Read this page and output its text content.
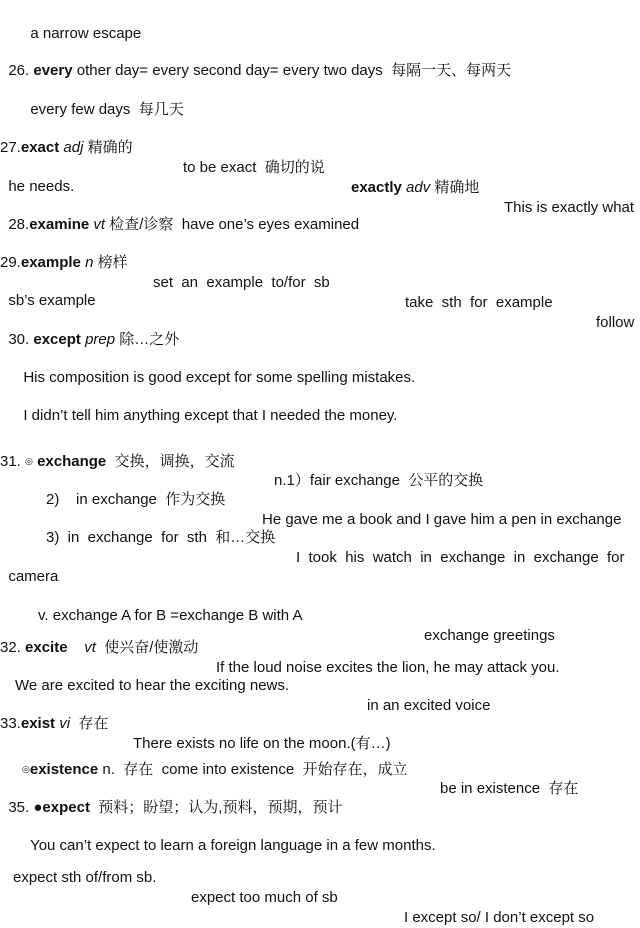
a narrow escape

26. every other day= every second day= every two days  每隔一天、每两天

every few days  每几天

27.exact adj 精确的

to be exact  确切的说

exactly adv 精确地

This is exactly what

he needs.

28.examine vt 检查/诊察  have one’s eyes examined

29.example n 榜样

set  an  example  to/for  sb

take  sth  for  example

follow

sb’s example

30. except prep 除…之外

His composition is good except for some spelling mistakes.

I didn’t tell him anything except that I needed the money.

31. ◎ exchange  交换，调换，交流

n.1）fair exchange  公平的交换

2)    in exchange  作为交换

He gave me a book and I gave him a pen in exchange

3)  in  exchange  for  sth  和…交换

I  took  his  watch  in  exchange  in  exchange  for

camera

v. exchange A for B =exchange B with A

exchange greetings

32. excite vt  使兴奋/使激动

If the loud noise excites the lion, he may attack you.

We are excited to hear the exciting news.

in an excited voice

33.exist vi  存在

There exists no life on the moon.(有…)

◎existence n.  存在  come into existence  开始存在，成立

be in existence  存在

35. ●expect  预料；盼望；认为,预料，预期，预计

You can’t expect to learn a foreign language in a few months.

expect sth of/from sb.

expect too much of sb

I except so/ I don’t except so
